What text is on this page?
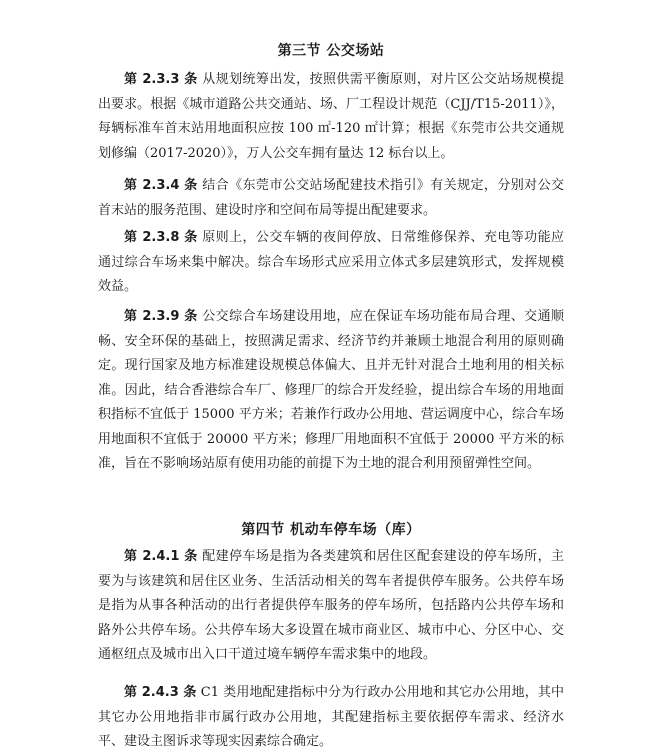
第三节 公交场站

第 2.3.3 条 从规划统筹出发，按照供需平衡原则，对片区公交站场规模提出要求。根据《城市道路公共交通站、场、厂工程设计规范（CJJ/T15-2011）》，每辆标准车首末站用地面积应按 100 ㎡-120 ㎡计算；根据《东莞市公共交通规划修编（2017-2020）》，万人公交车拥有量达 12 标台以上。

第 2.3.4 条 结合《东莞市公交站场配建技术指引》有关规定，分别对公交首末站的服务范围、建设时序和空间布局等提出配建要求。

第 2.3.8 条 原则上，公交车辆的夜间停放、日常维修保养、充电等功能应通过综合车场来集中解决。综合车场形式应采用立体式多层建筑形式，发挥规模效益。

第 2.3.9 条 公交综合车场建设用地，应在保证车场功能布局合理、交通顺畅、安全环保的基础上，按照满足需求、经济节约并兼顾土地混合利用的原则确定。现行国家及地方标准建设规模总体偏大、且并无针对混合土地利用的相关标准。因此，结合香港综合车厂、修理厂的综合开发经验，提出综合车场的用地面积指标不宜低于 15000 平方米；若兼作行政办公用地、营运调度中心，综合车场用地面积不宜低于 20000 平方米；修理厂用地面积不宜低于 20000 平方米的标准，旨在不影响场站原有使用功能的前提下为土地的混合利用预留弹性空间。

第四节 机动车停车场（库）

第 2.4.1 条 配建停车场是指为各类建筑和居住区配套建设的停车场所，主要为与该建筑和居住区业务、生活活动相关的驾车者提供停车服务。公共停车场是指为从事各种活动的出行者提供停车服务的停车场所，包括路内公共停车场和路外公共停车场。公共停车场大多设置在城市商业区、城市中心、分区中心、交通枢纽点及城市出入口干道过境车辆停车需求集中的地段。

第 2.4.3 条 C1 类用地配建指标中分为行政办公用地和其它办公用地，其中其它办公用地指非市属行政办公用地，其配建指标主要依据停车需求、经济水平、建设主图诉求等现实因素综合确定。
